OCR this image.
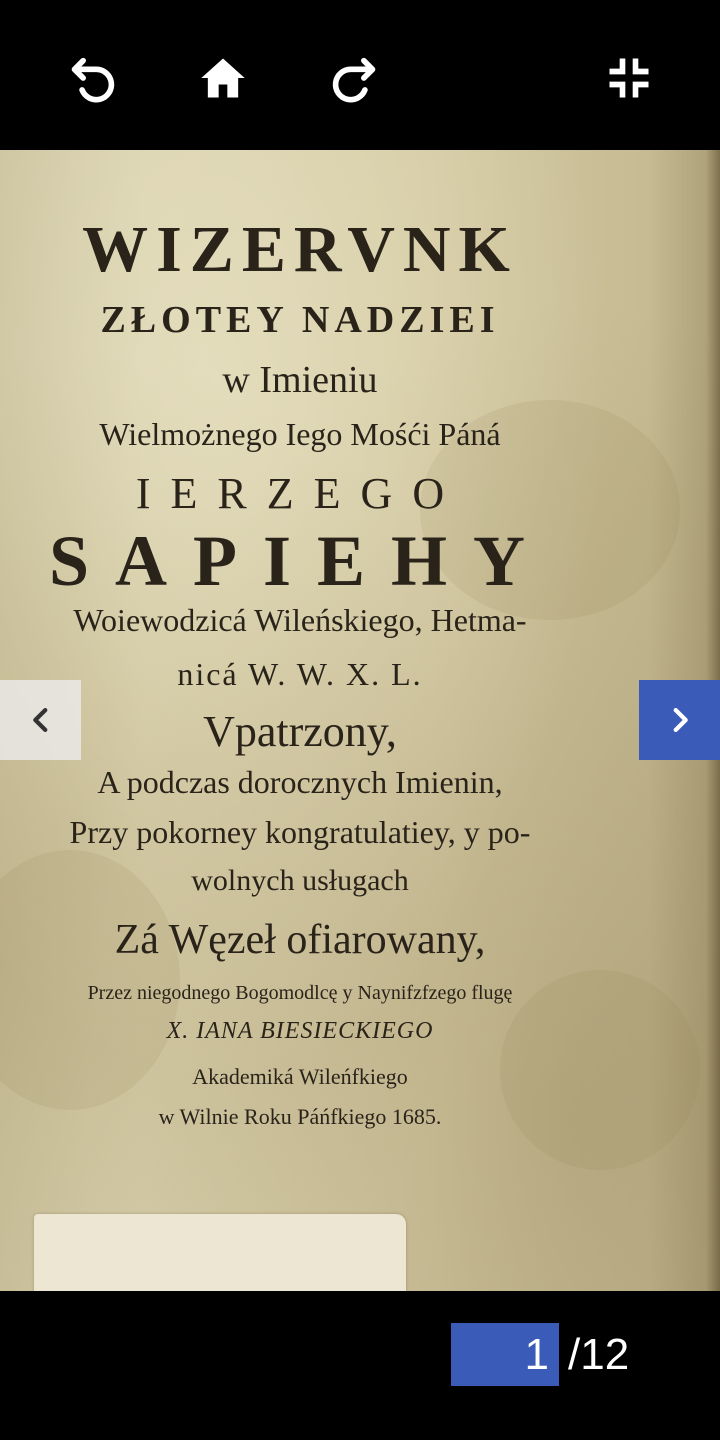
WIZERVNK
ZŁOTEY NADZIEI
w Imieniu
Wielmożnego Iego Mośći Páná
IERZEGO
SAPIEHY
Woiewodzicá Wileńskiego, Hetma-
nicá W. W. X. L.
Vpatrzony,
A podczas dorocznych Imienin,
Przy pokorney kongratulatiey, y po-
wolnych usługach
Zá Węzeł ofiarowany,
Przez niegodnego Bogomodlcę y Naynifzfzego flugę
X. IANA BIESIECKIEGO
Akademiká Wileńfkiego
w Wilnie Roku Páńfkiego 1685.
1 /12
